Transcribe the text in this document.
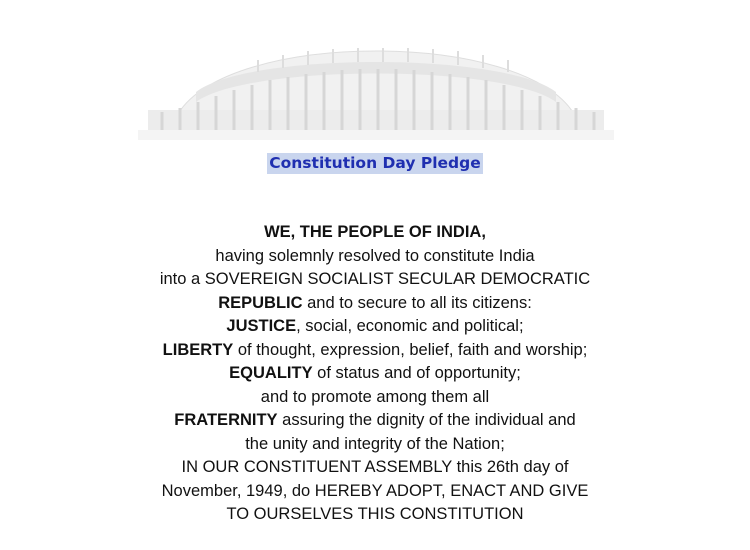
Constitution Day Pledge
WE, THE PEOPLE OF INDIA,
having solemnly resolved to constitute India
into a SOVEREIGN SOCIALIST SECULAR DEMOCRATIC
REPUBLIC and to secure to all its citizens:
JUSTICE, social, economic and political;
LIBERTY of thought, expression, belief, faith and worship;
EQUALITY of status and of opportunity;
and to promote among them all
FRATERNITY assuring the dignity of the individual and
the unity and integrity of the Nation;
IN OUR CONSTITUENT ASSEMBLY this 26th day of
November, 1949, do HEREBY ADOPT, ENACT AND GIVE
TO OURSELVES THIS CONSTITUTION
